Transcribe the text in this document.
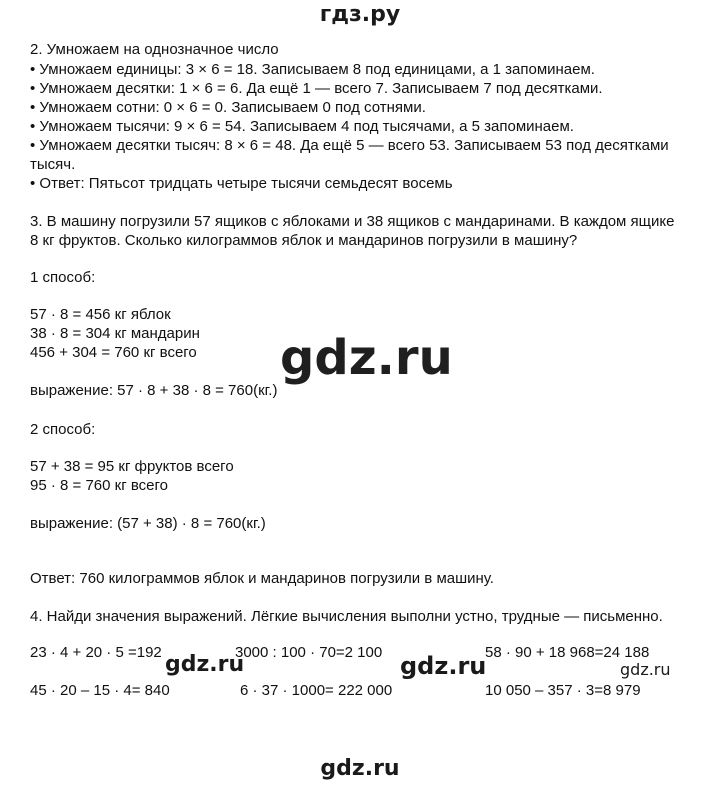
гдз.ру
2. Умножаем на однозначное число
• Умножаем единицы: 3 × 6 = 18. Записываем 8 под единицами, а 1 запоминаем.
• Умножаем десятки: 1 × 6 = 6. Да ещё 1 — всего 7. Записываем 7 под десятками.
• Умножаем сотни: 0 × 6 = 0. Записываем 0 под сотнями.
• Умножаем тысячи: 9 × 6 = 54. Записываем 4 под тысячами, а 5 запоминаем.
• Умножаем десятки тысяч: 8 × 6 = 48. Да ещё 5 — всего 53. Записываем 53 под десятками
тысяч.
• Ответ: Пятьсот тридцать четыре тысячи семьдесят восемь
3. В машину погрузили 57 ящиков с яблоками и 38 ящиков с мандаринами. В каждом ящике
8 кг фруктов. Сколько килограммов яблок и мандаринов погрузили в машину?
1 способ:
57 · 8 = 456 кг яблок
38 · 8 = 304 кг мандарин
456 + 304 = 760 кг всего
выражение: 57 · 8 + 38 · 8 = 760(кг.)
gdz.ru
2 способ:
57 + 38 = 95 кг фруктов всего
95 · 8 = 760 кг всего
выражение: (57 + 38) · 8 = 760(кг.)
Ответ: 760 килограммов яблок и мандаринов погрузили в машину.
4. Найди значения выражений. Лёгкие вычисления выполни устно, трудные — письменно.
23 · 4 + 20 · 5 =192	3000 : 100 · 70=2 100	58 · 90 + 18 968=24 188
45 · 20 – 15 · 4= 840	6 · 37 · 1000= 222 000	10 050 – 357 · 3=8 979
gdz.ru	gdz.ru	gdz.ru
gdz.ru
